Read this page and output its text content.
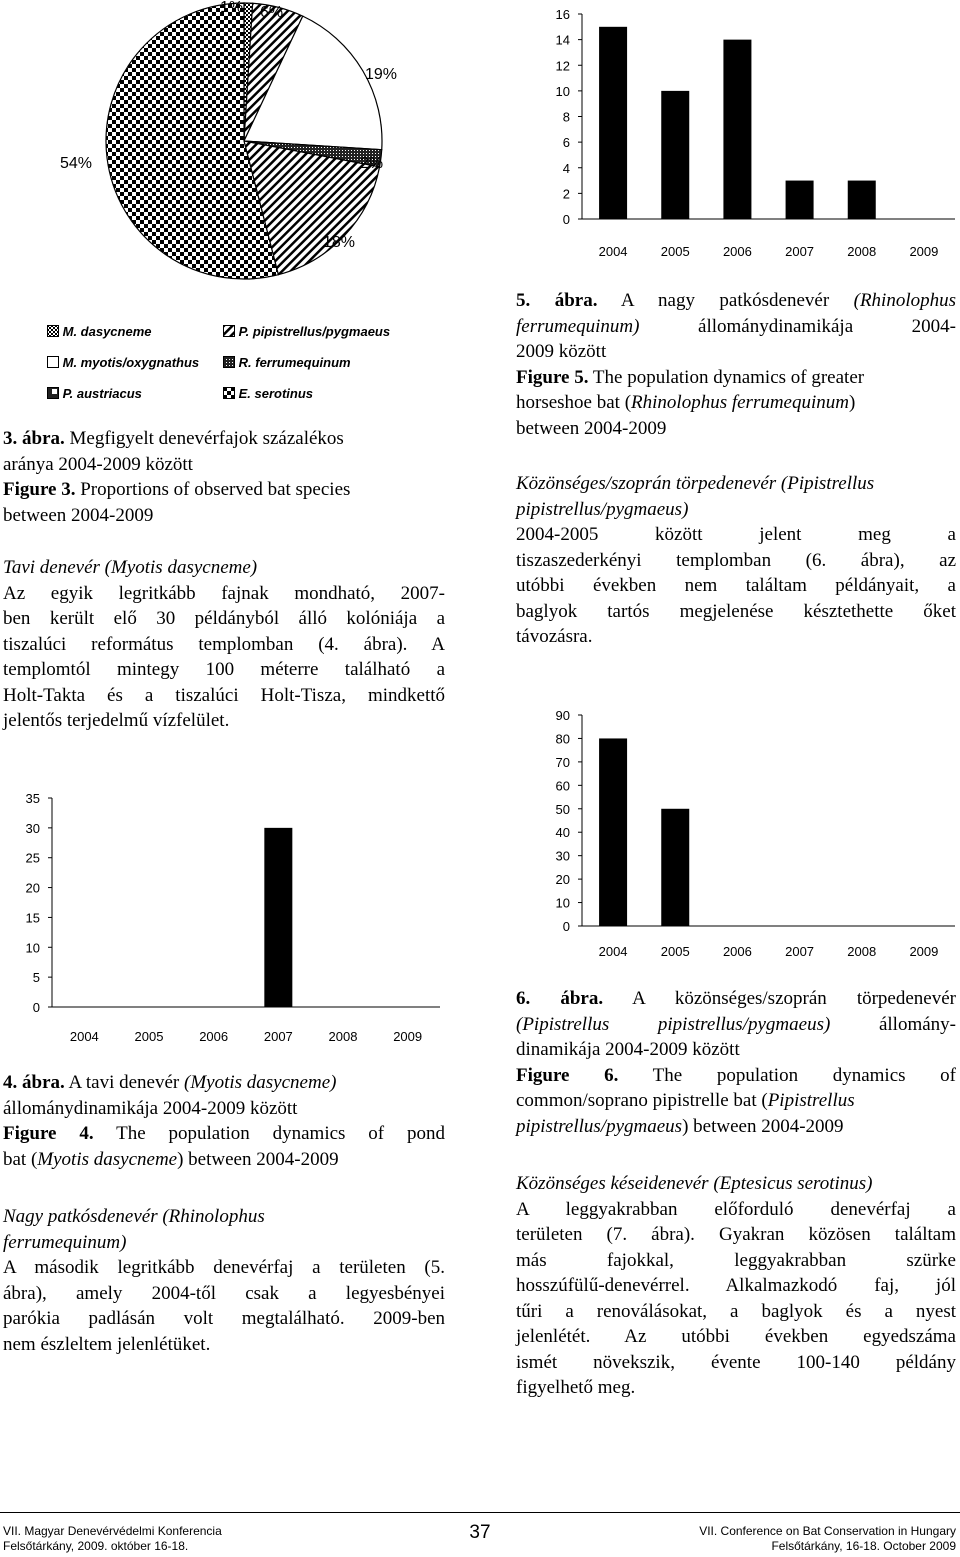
1% 6%
19%
2%
18%
54%
M. dasycneme	P. pipistrellus/pygmaeus
M. myotis/oxygnathus	R. ferrumequinum
P. austriacus	E. serotinus
3. ábra. Megfigyelt denevérfajok százalékos
aránya 2004-2009 között
Figure 3. Proportions of observed bat species
between 2004-2009
Tavi denevér (Myotis dasycneme)
Az egyik legritkább fajnak mondható, 2007-
ben került elő 30 példányból álló kolóniája a
tiszalúci református templomban (4. ábra). A
templomtól mintegy 100 méterre található a
Holt-Takta és a tiszalúci Holt-Tisza, mindkettő
jelentős terjedelmű vízfelület.
0
5
10
15
20
25
30
35
2004	2005	2006	2007	2008	2009
4. ábra. A tavi denevér (Myotis dasycneme)
állománydinamikája 2004-2009 között
Figure 4. The population dynamics of pond
bat (Myotis dasycneme) between 2004-2009
Nagy patkósdenevér (Rhinolophus
ferrumequinum)
A második legritkább denevérfaj a területen (5.
ábra), amely 2004-től csak a legyesbényei
parókia padlásán volt megtalálható. 2009-ben
nem észleltem jelenlétüket.
0
2
4
6
8
10
12
14
16
2004	2005	2006	2007	2008	2009
5. ábra. A nagy patkósdenevér (Rhinolophus
ferrumequinum)	állománydinamikája 2004-
2009 között
Figure 5. The population dynamics of greater
horseshoe bat (Rhinolophus ferrumequinum)
between 2004-2009
Közönséges/szoprán törpedenevér (Pipistrellus
pipistrellus/pygmaeus)
2004-2005 között jelent meg a
tiszaszederkényi templomban (6. ábra), az
utóbbi években nem találtam példányait, a
baglyok tartós megjelenése késztethette őket
távozásra.
0
10
20
30
40
50
60
70
80
90
2004	2005	2006	2007	2008	2009
6. ábra. A közönséges/szoprán törpedenevér
(Pipistrellus pipistrellus/pygmaeus)	állomány-
dinamikája 2004-2009 között
Figure 6. The population dynamics of
common/soprano pipistrelle bat (Pipistrellus
pipistrellus/pygmaeus) between 2004-2009
Közönséges késeidenevér (Eptesicus serotinus)
A leggyakrabban előforduló denevérfaj a
területen (7. ábra). Gyakran közösen találtam
más fajokkal, leggyakrabban szürke
hosszúfülű-denevérrel. Alkalmazkodó faj, jól
tűri a renoválásokat, a baglyok és a nyest
jelenlétét. Az utóbbi években egyedszáma
ismét növekszik, évente 100-140 példány
figyelhető meg.
VII. Magyar Denevérvédelmi Konferencia
Felsőtárkány, 2009. október 16-18.
37	VII. Conference on Bat Conservation in Hungary
Felsőtárkány, 16-18. October 2009
